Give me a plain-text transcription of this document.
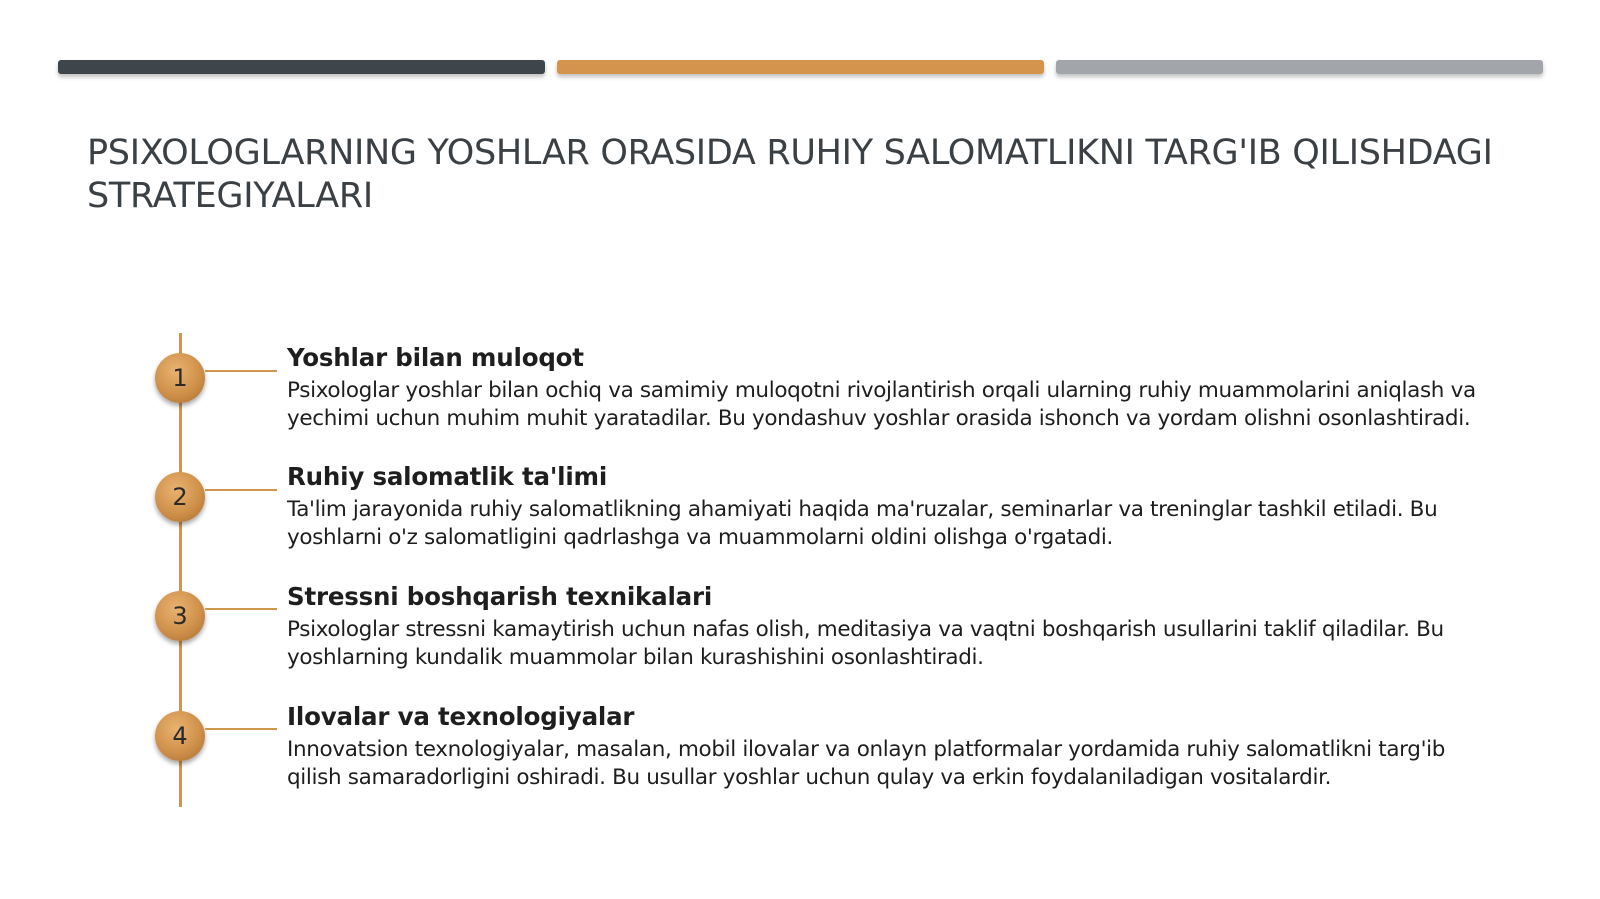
PSIXOLOGLARNING YOSHLAR ORASIDA RUHIY SALOMATLIKNI TARG'IB QILISHDAGI STRATEGIYALARI
1
Yoshlar bilan muloqot

Psixologlar yoshlar bilan ochiq va samimiy muloqotni rivojlantirish orqali ularning ruhiy muammolarini aniqlash va yechimi uchun muhim muhit yaratadilar. Bu yondashuv yoshlar orasida ishonch va yordam olishni osonlashtiradi.

2
Ruhiy salomatlik ta'limi

Ta'lim jarayonida ruhiy salomatlikning ahamiyati haqida ma'ruzalar, seminarlar va treninglar tashkil etiladi. Bu yoshlarni o'z salomatligini qadrlashga va muammolarni oldini olishga o'rgatadi.

3
Stressni boshqarish texnikalari

Psixologlar stressni kamaytirish uchun nafas olish, meditasiya va vaqtni boshqarish usullarini taklif qiladilar. Bu yoshlarning kundalik muammolar bilan kurashishini osonlashtiradi.

4
Ilovalar va texnologiyalar

Innovatsion texnologiyalar, masalan, mobil ilovalar va onlayn platformalar yordamida ruhiy salomatlikni targ'ib qilish samaradorligini oshiradi. Bu usullar yoshlar uchun qulay va erkin foydalaniladigan vositalardir.
